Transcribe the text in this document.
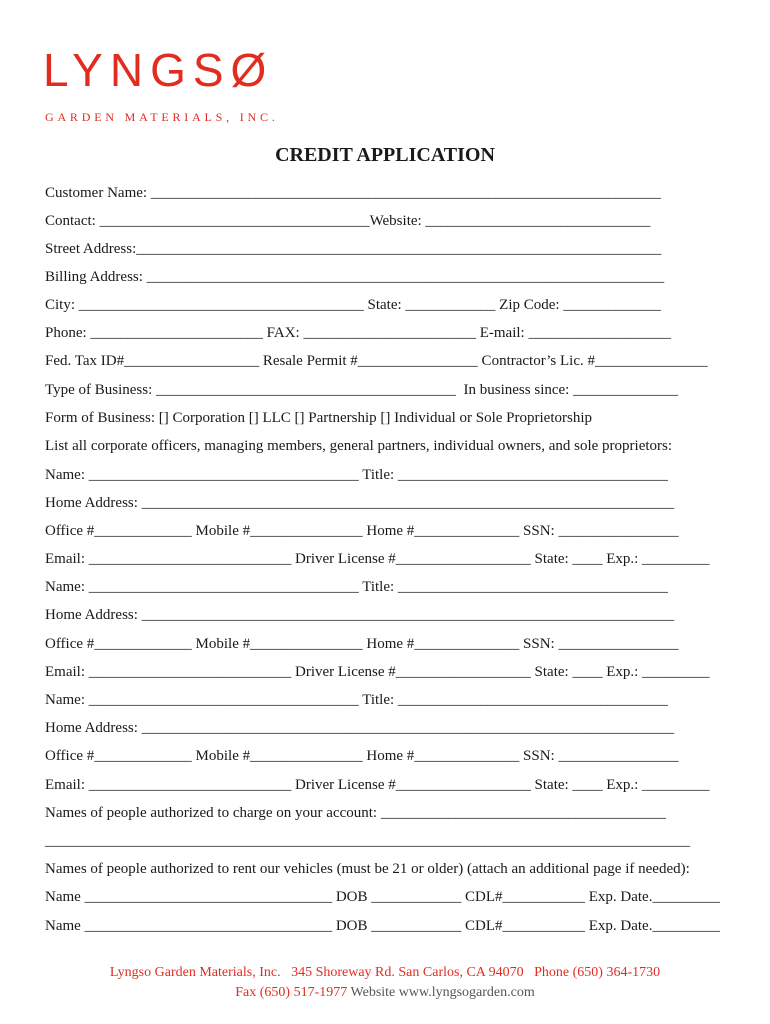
LYNGSØ

GARDEN MATERIALS, INC.

CREDIT APPLICATION

Customer Name: ____________________________________________________________________

Contact: ____________________________________Website: ______________________________

Street Address:______________________________________________________________________

Billing Address: _____________________________________________________________________

City: ______________________________________ State: ____________ Zip Code: _____________

Phone: _______________________ FAX: _______________________ E-mail: ___________________

Fed. Tax ID#__________________ Resale Permit #________________ Contractor’s Lic. #_______________

Type of Business: ________________________________________  In business since: ______________

Form of Business: [] Corporation [] LLC [] Partnership [] Individual or Sole Proprietorship

List all corporate officers, managing members, general partners, individual owners, and sole proprietors:

Name: ____________________________________ Title: ____________________________________

Home Address: _______________________________________________________________________

Office #_____________ Mobile #_______________ Home #______________ SSN: ________________

Email: ___________________________ Driver License #__________________ State: ____ Exp.: _________

Name: ____________________________________ Title: ____________________________________

Home Address: _______________________________________________________________________

Office #_____________ Mobile #_______________ Home #______________ SSN: ________________

Email: ___________________________ Driver License #__________________ State: ____ Exp.: _________

Name: ____________________________________ Title: ____________________________________

Home Address: _______________________________________________________________________

Office #_____________ Mobile #_______________ Home #______________ SSN: ________________

Email: ___________________________ Driver License #__________________ State: ____ Exp.: _________

Names of people authorized to charge on your account: ______________________________________

______________________________________________________________________________________

Names of people authorized to rent our vehicles (must be 21 or older) (attach an additional page if needed):

Name _________________________________ DOB ____________ CDL#___________ Exp. Date._________

Name _________________________________ DOB ____________ CDL#___________ Exp. Date._________

Lyngso Garden Materials, Inc.   345 Shoreway Rd. San Carlos, CA 94070   Phone (650) 364-1730

Fax (650) 517-1977 Website www.lyngsogarden.com
